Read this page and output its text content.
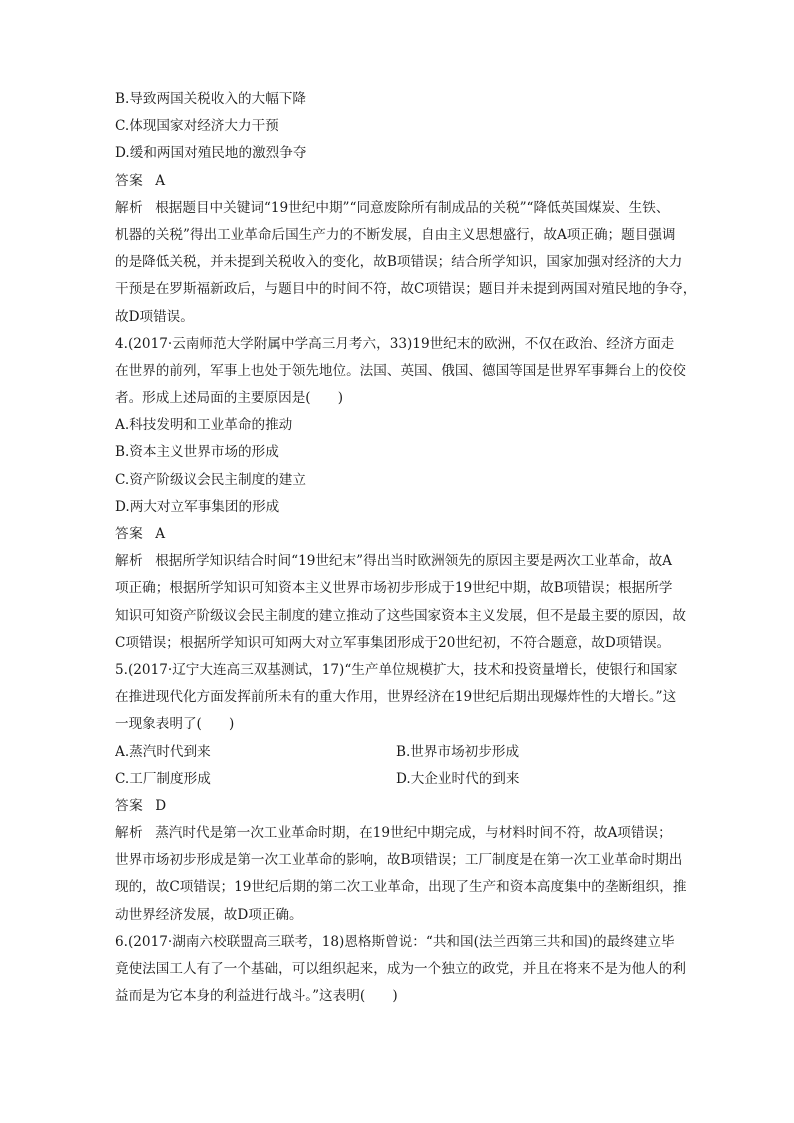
B.导致两国关税收入的大幅下降
C.体现国家对经济大力干预
D.缓和两国对殖民地的激烈争夺
答案 A
解析 根据题目中关键词“19世纪中期”“同意废除所有制成品的关税”“降低英国煤炭、生铁、
机器的关税”得出工业革命后国生产力的不断发展，自由主义思想盛行，故A项正确；题目强调
的是降低关税，并未提到关税收入的变化，故B项错误；结合所学知识，国家加强对经济的大力
干预是在罗斯福新政后，与题目中的时间不符，故C项错误；题目并未提到两国对殖民地的争夺，
故D项错误。
4.(2017·云南师范大学附属中学高三月考六，33)19世纪末的欧洲，不仅在政治、经济方面走
在世界的前列，军事上也处于领先地位。法国、英国、俄国、德国等国是世界军事舞台上的佼佼
者。形成上述局面的主要原因是(　　)
A.科技发明和工业革命的推动
B.资本主义世界市场的形成
C.资产阶级议会民主制度的建立
D.两大对立军事集团的形成
答案 A
解析 根据所学知识结合时间“19世纪末”得出当时欧洲领先的原因主要是两次工业革命，故A
项正确；根据所学知识可知资本主义世界市场初步形成于19世纪中期，故B项错误；根据所学
知识可知资产阶级议会民主制度的建立推动了这些国家资本主义发展，但不是最主要的原因，故
C项错误；根据所学知识可知两大对立军事集团形成于20世纪初，不符合题意，故D项错误。
5.(2017·辽宁大连高三双基测试，17)“生产单位规模扩大，技术和投资量增长，使银行和国家
在推进现代化方面发挥前所未有的重大作用，世界经济在19世纪后期出现爆炸性的大增长。”这
一现象表明了(　　)
A.蒸汽时代到来	B.世界市场初步形成
C.工厂制度形成	D.大企业时代的到来
答案 D
解析 蒸汽时代是第一次工业革命时期，在19世纪中期完成，与材料时间不符，故A项错误；
世界市场初步形成是第一次工业革命的影响，故B项错误；工厂制度是在第一次工业革命时期出
现的，故C项错误；19世纪后期的第二次工业革命，出现了生产和资本高度集中的垄断组织，推
动世界经济发展，故D项正确。
6.(2017·湖南六校联盟高三联考，18)恩格斯曾说：“共和国(法兰西第三共和国)的最终建立毕
竟使法国工人有了一个基础，可以组织起来，成为一个独立的政党，并且在将来不是为他人的利
益而是为它本身的利益进行战斗。”这表明(　　)
